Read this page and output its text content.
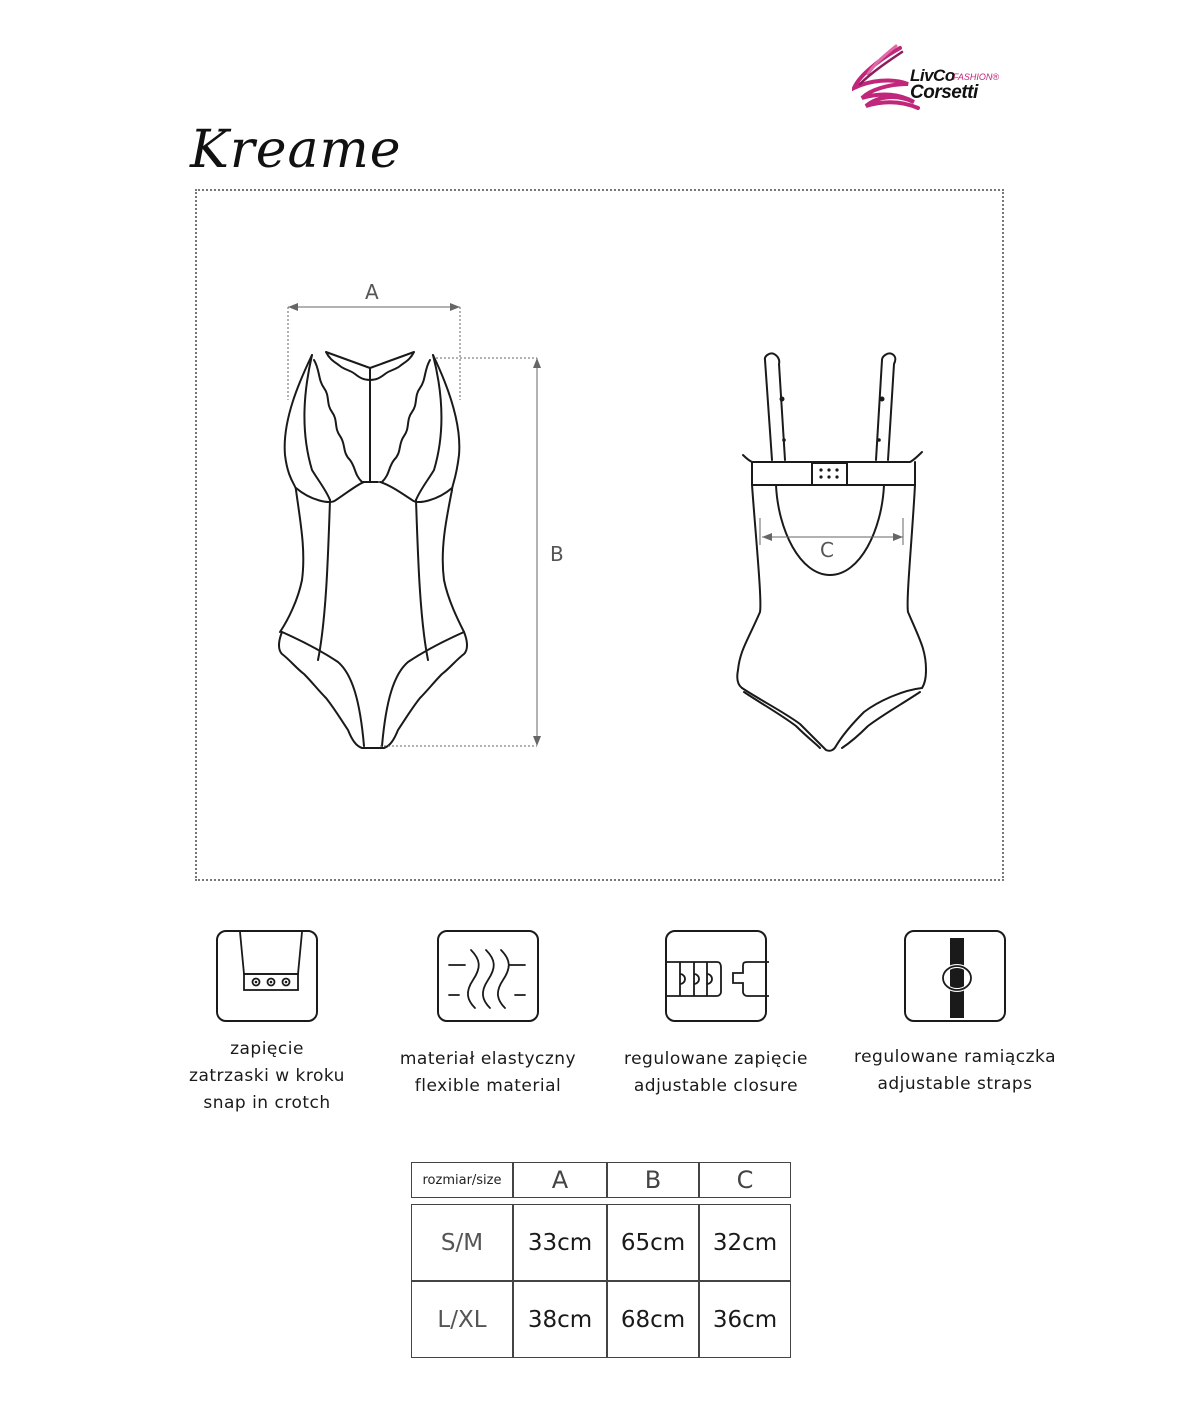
LivCo
FASHION®
Corsetti
Kreame
A
B	C
zapięcie
zatrzaski w kroku
snap in crotch
materiał elastyczny
flexible material
regulowane zapięcie
adjustable closure
regulowane ramiączka
adjustable straps
rozmiar/size	A	B	C

S/M	33cm	65cm	32cm
L/XL	38cm	68cm	36cm
